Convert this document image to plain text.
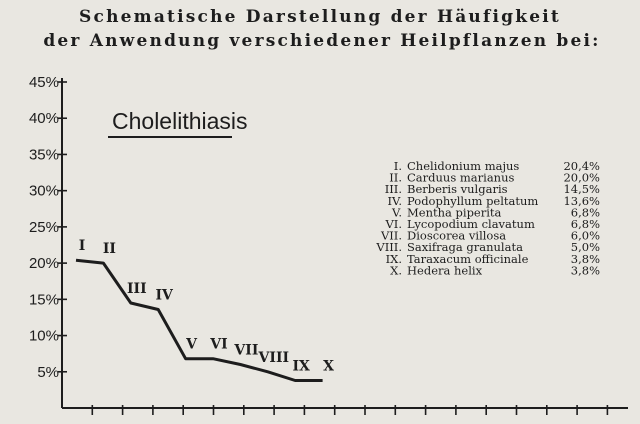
Schematische Darstellung der Häufigkeit
der Anwendung verschiedener Heilpflanzen bei:
Cholelithiasis
45%
40%
35%
30%
25%
20%
15%
10%
5%
I II
III IV
V VI VII VIII
IX X
I. Chelidonium majus	20,4%
II. Carduus marianus	20,0%
III. Berberis vulgaris	14,5%
IV. Podophyllum peltatum 13,6%
V. Mentha piperita	6,8%
VI. Lycopodium clavatum	6,8%
VII. Dioscorea villosa	6,0%
VIII. Saxifraga granulata	5,0%
IX. Taraxacum officinale	3,8%
X. Hedera helix	3,8%
